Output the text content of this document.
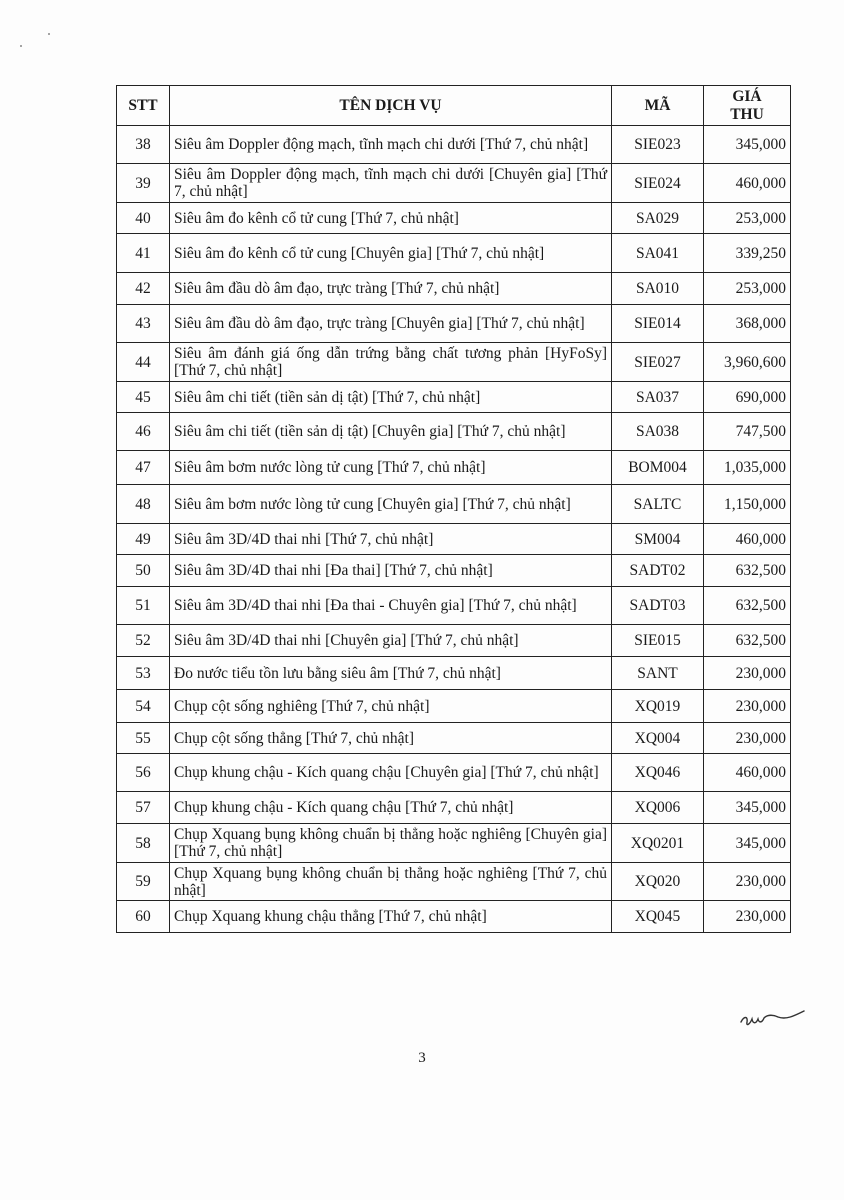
STT	TÊN DỊCH VỤ	MÃ	GIÁ
THU
38	Siêu âm Doppler động mạch, tĩnh mạch chi dưới [Thứ 7, chủ nhật]	SIE023	345,000
39	Siêu âm Doppler động mạch, tĩnh mạch chi dưới [Chuyên gia] [Thứ 7, chủ nhật]	SIE024	460,000
40	Siêu âm đo kênh cổ tử cung [Thứ 7, chủ nhật]	SA029	253,000
41	Siêu âm đo kênh cổ tử cung [Chuyên gia] [Thứ 7, chủ nhật]	SA041	339,250
42	Siêu âm đầu dò âm đạo, trực tràng [Thứ 7, chủ nhật]	SA010	253,000
43	Siêu âm đầu dò âm đạo, trực tràng [Chuyên gia] [Thứ 7, chủ nhật]	SIE014	368,000
44	Siêu âm đánh giá ống dẫn trứng bằng chất tương phản [HyFoSy] [Thứ 7, chủ nhật]	SIE027	3,960,600
45	Siêu âm chi tiết (tiền sản dị tật) [Thứ 7, chủ nhật]	SA037	690,000
46	Siêu âm chi tiết (tiền sản dị tật) [Chuyên gia] [Thứ 7, chủ nhật]	SA038	747,500
47	Siêu âm bơm nước lòng tử cung [Thứ 7, chủ nhật]	BOM004	1,035,000
48	Siêu âm bơm nước lòng tử cung [Chuyên gia] [Thứ 7, chủ nhật]	SALTC	1,150,000
49	Siêu âm 3D/4D thai nhi [Thứ 7, chủ nhật]	SM004	460,000
50	Siêu âm 3D/4D thai nhi [Đa thai] [Thứ 7, chủ nhật]	SADT02	632,500
51	Siêu âm 3D/4D thai nhi [Đa thai - Chuyên gia] [Thứ 7, chủ nhật]	SADT03	632,500
52	Siêu âm 3D/4D thai nhi [Chuyên gia] [Thứ 7, chủ nhật]	SIE015	632,500
53	Đo nước tiểu tồn lưu bằng siêu âm [Thứ 7, chủ nhật]	SANT	230,000
54	Chụp cột sống nghiêng [Thứ 7, chủ nhật]	XQ019	230,000
55	Chụp cột sống thẳng [Thứ 7, chủ nhật]	XQ004	230,000
56	Chụp khung chậu - Kích quang chậu [Chuyên gia] [Thứ 7, chủ nhật]	XQ046	460,000
57	Chụp khung chậu - Kích quang chậu [Thứ 7, chủ nhật]	XQ006	345,000
58	Chụp Xquang bụng không chuẩn bị thẳng hoặc nghiêng [Chuyên gia] [Thứ 7, chủ nhật]	XQ0201	345,000
59	Chụp Xquang bụng không chuẩn bị thẳng hoặc nghiêng [Thứ 7, chủ nhật]	XQ020	230,000
60	Chụp Xquang khung chậu thẳng [Thứ 7, chủ nhật]	XQ045	230,000
3
